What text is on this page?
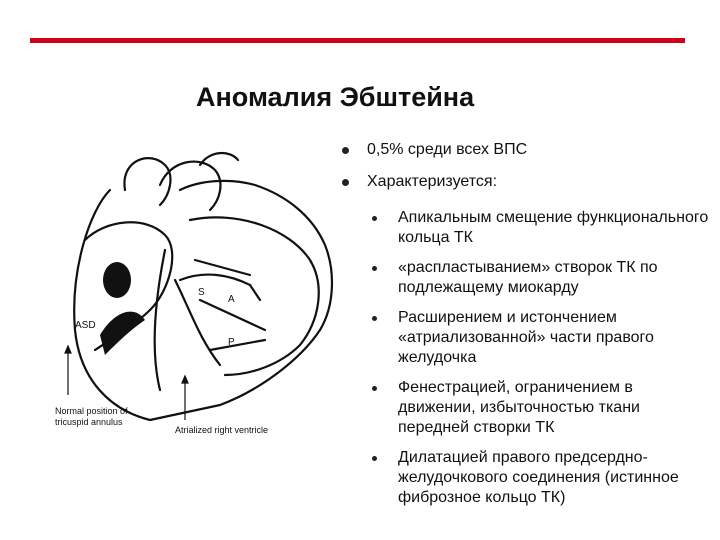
Аномалия Эбштейна
ASD
S
A
P
Normal position of
tricuspid annulus
Atrialized right ventricle
0,5% среди всех ВПС
Характеризуется:
Апикальным смещение функционального кольца ТК
«распластыванием» створок ТК по подлежащему миокарду
Расширением и истончением «атриализованной» части правого желудочка
Фенестрацией, ограничением в движении, избыточностью ткани передней створки ТК
Дилатацией правого предсердно-желудочкового соединения (истинное фиброзное кольцо ТК)
